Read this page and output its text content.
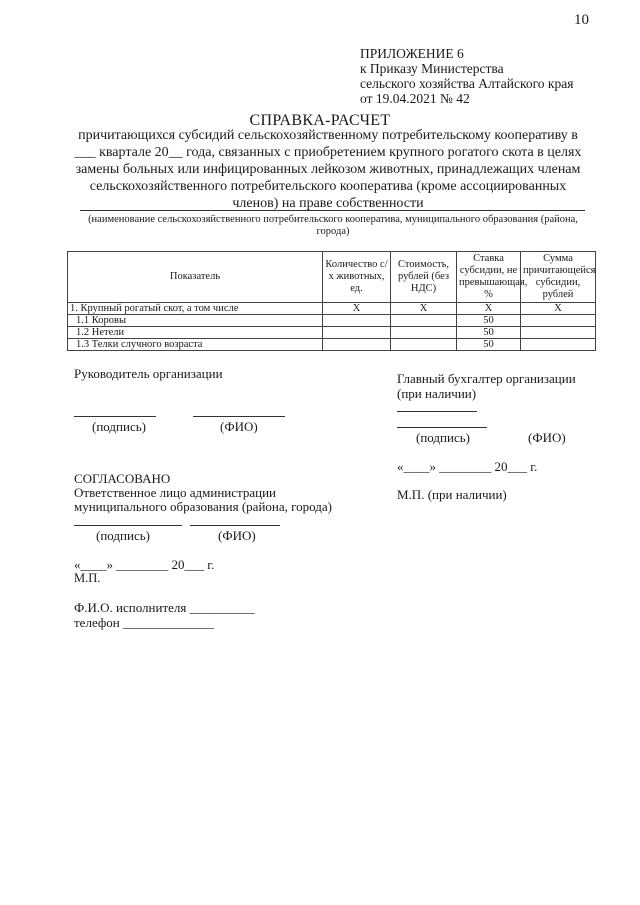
10
ПРИЛОЖЕНИЕ 6
к Приказу Министерства
сельского хозяйства Алтайского края
от 19.04.2021 № 42
СПРАВКА-РАСЧЕТ
причитающихся субсидий сельскохозяйственному потребительскому кооперативу в ___ квартале 20__ года, связанных с приобретением крупного рогатого скота в целях замены больных или инфицированных лейкозом животных, принадлежащих членам сельскохозяйственного потребительского кооператива (кроме ассоциированных членов) на праве собственности
(наименование сельскохозяйственного потребительского кооператива, муниципального образования (района, города)
Показатель	Количество с/х животных, ед.	Стоимость, рублей (без НДС)	Ставка субсидии, не превышающая, %	Сумма причитающейся субсидии, рублей
1. Крупный рогатый скот, а том числе	X	X	X	X
1.1 Коровы			50	
1.2 Нетели			50	
1.3 Телки случного возраста			50	
Руководитель организации
(подпись)	(ФИО)
Главный бухгалтер организации
(при наличии)
(подпись)	(ФИО)
«____» ________ 20___ г.
М.П. (при наличии)
СОГЛАСОВАНО
Ответственное лицо администрации
муниципального образования (района, города)
(подпись)	(ФИО)
«____» ________ 20___ г.
М.П.
Ф.И.О. исполнителя __________
телефон ______________
